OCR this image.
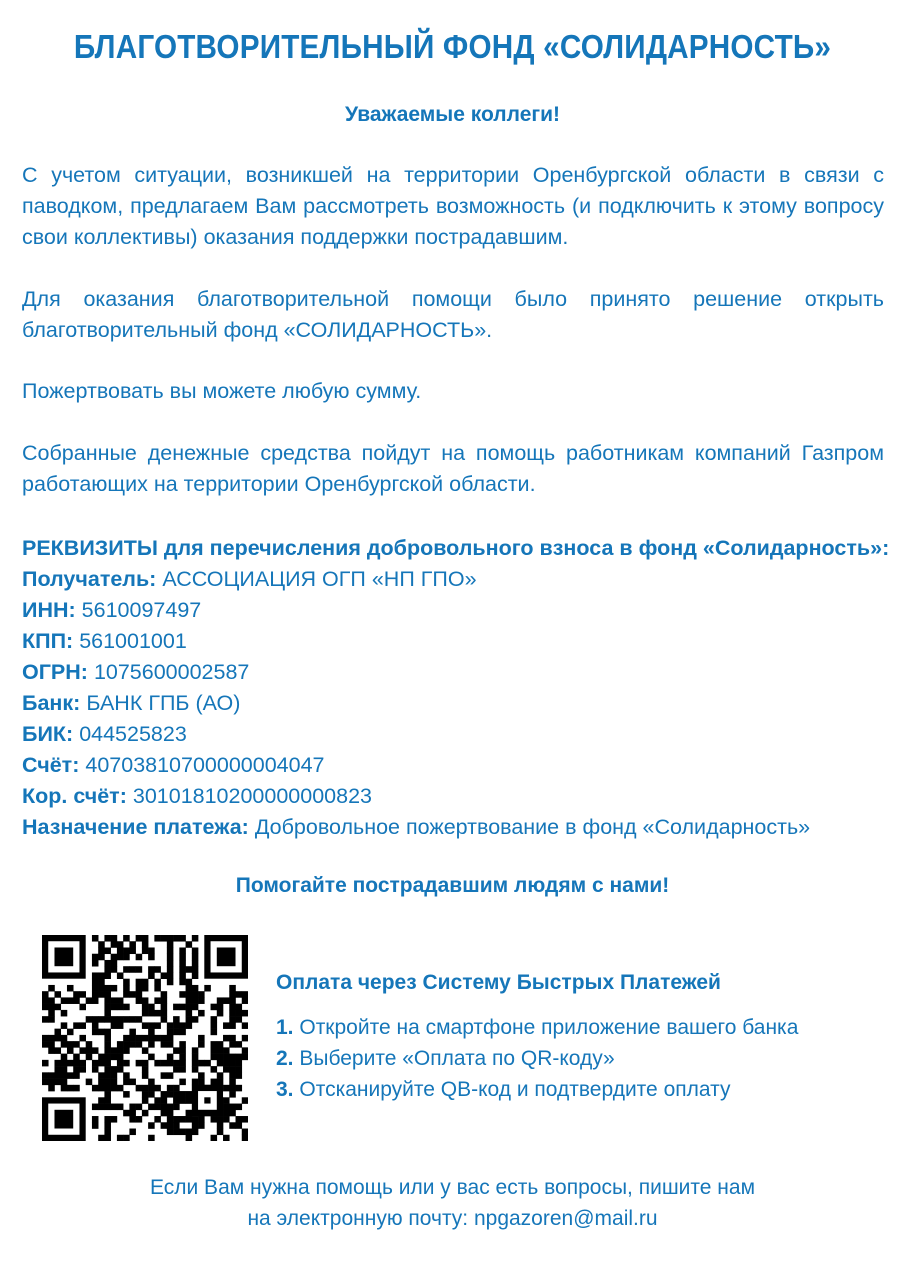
БЛАГОТВОРИТЕЛЬНЫЙ ФОНД «СОЛИДАРНОСТЬ»
Уважаемые коллеги!

С учетом ситуации, возникшей на территории Оренбургской области в связи с паводком, предлагаем Вам рассмотреть возможность (и подключить к этому вопросу свои коллективы) оказания поддержки пострадавшим.

Для оказания благотворительной помощи было принято решение открыть благотворительный фонд «СОЛИДАРНОСТЬ».

Пожертвовать вы можете любую сумму.

Собранные денежные средства пойдут на помощь работникам компаний Газпром работающих на территории Оренбургской области.

РЕКВИЗИТЫ для перечисления добровольного взноса в фонд «Солидарность»:
Получатель: АССОЦИАЦИЯ ОГП «НП ГПО»
ИНН: 5610097497
КПП: 561001001
ОГРН: 1075600002587
Банк: БАНК ГПБ (АО)
БИК: 044525823
Счёт: 40703810700000004047
Кор. счёт: 30101810200000000823
Назначение платежа: Добровольное пожертвование в фонд «Солидарность»
Помогайте пострадавшим людям с нами!
Оплата через Систему Быстрых Платежей
1. Откройте на смартфоне приложение вашего банка
2. Выберите «Оплата по QR-коду»
3. Отсканируйте QВ-код и подтвердите оплату
Если Вам нужна помощь или у вас есть вопросы, пишите нам
на электронную почту: npgazoren@mail.ru
